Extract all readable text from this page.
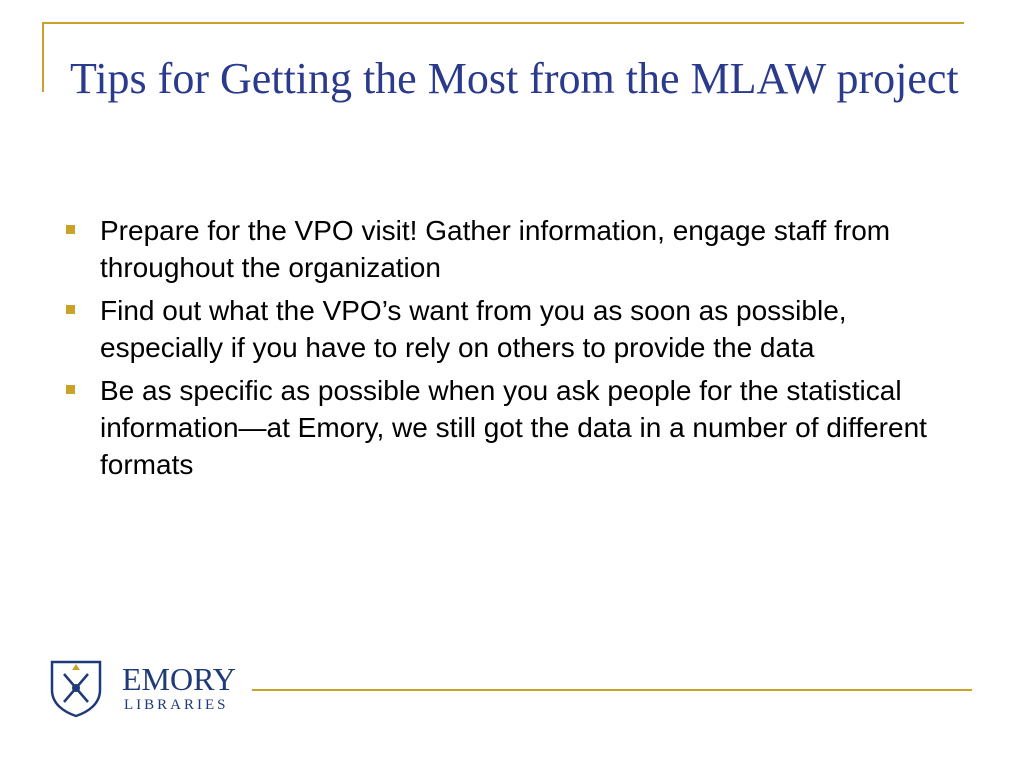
Tips for Getting the Most from the MLAW project
Prepare for the VPO visit! Gather information, engage staff from throughout the organization
Find out what the VPO’s want from you as soon as possible, especially if you have to rely on others to provide the data
Be as specific as possible when you ask people for the statistical information—at Emory, we still got the data in a number of different formats
EMORY
LIBRARIES
